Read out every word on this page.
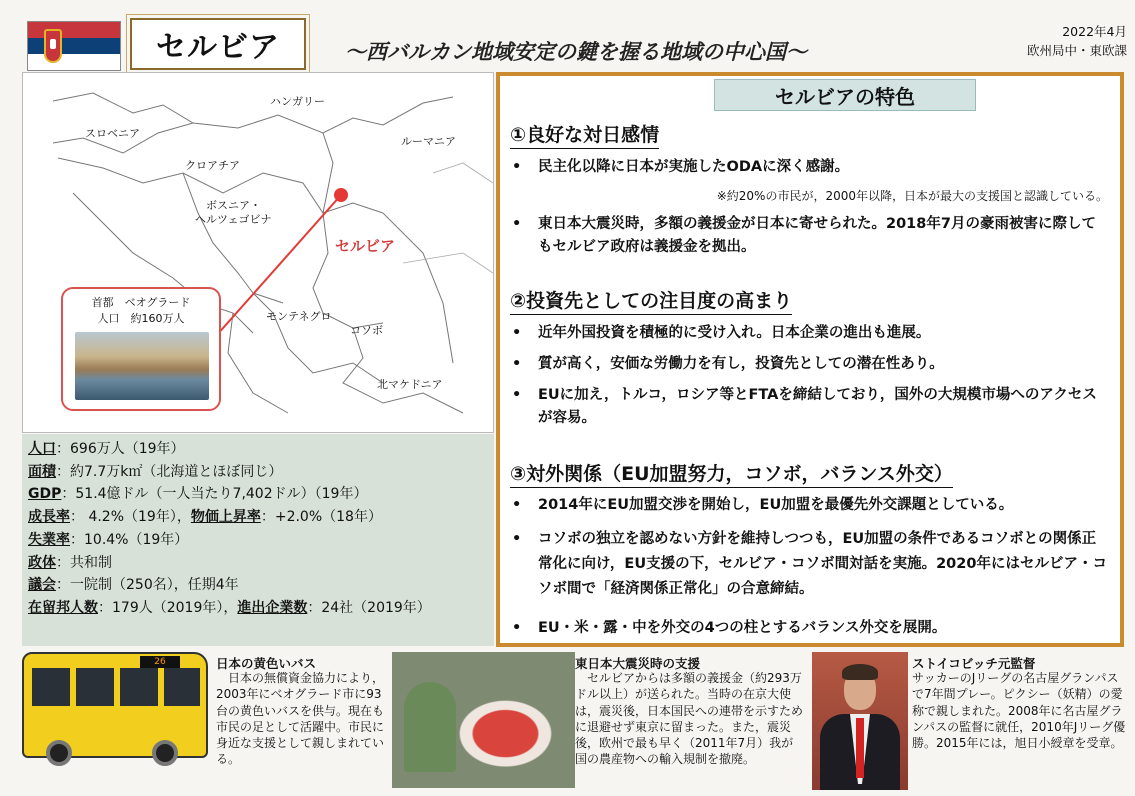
セルビア	～西バルカン地域安定の鍵を握る地域の中心国～
2022年4月
欧州局中・東欧課
ハンガリー
スロベニア
ルーマニア
クロアチア
ボスニア・
ヘルツェゴビナ
セルビア
モンテネグロ
コソボ
北マケドニア
首都　ベオグラード
人口　約160万人
人口：696万人（19年）
面積：約7.7万k㎡（北海道とほぼ同じ）
GDP：51.4億ドル（一人当たり7,402ドル）（19年）
成長率： 4.2%（19年），物価上昇率：+2.0%（18年）
失業率：10.4%（19年）
政体：共和制
議会：一院制（250名），任期4年
在留邦人数：179人（2019年），進出企業数：24社（2019年）
セルビアの特色
①良好な対日感情
• 民主化以降に日本が実施したODAに深く感謝。
※約20%の市民が，2000年以降，日本が最大の支援国と認識している。
• 東日本大震災時，多額の義援金が日本に寄せられた。2018年7月の豪雨被害に際してもセルビア政府は義援金を拠出。
②投資先としての注目度の高まり
• 近年外国投資を積極的に受け入れ。日本企業の進出も進展。
• 質が高く，安価な労働力を有し，投資先としての潜在性あり。
• EUに加え，トルコ，ロシア等とFTAを締結しており，国外の大規模市場へのアクセスが容易。
③対外関係（EU加盟努力，コソボ，バランス外交）
• 2014年にEU加盟交渉を開始し，EU加盟を最優先外交課題としている。
• コソボの独立を認めない方針を維持しつつも，EU加盟の条件であるコソボとの関係正常化に向け，EU支援の下，セルビア・コソボ間対話を実施。2020年にはセルビア・コソボ間で「経済関係正常化」の合意締結。
• EU・米・露・中を外交の4つの柱とするバランス外交を展開。
26	日本の黄色いバス
日本の無償資金協力により，2003年にベオグラード市に93台の黄色いバスを供与。現在も市民の足として活躍中。市民に身近な支援として親しまれている。
東日本大震災時の支援
セルビアからは多額の義援金（約293万ドル以上）が送られた。当時の在京大使は，震災後，日本国民への連帯を示すために退避せず東京に留まった。また，震災後，欧州で最も早く（2011年7月）我が国の農産物への輸入規制を撤廃。
ストイコビッチ元監督
サッカーのJリーグの名古屋グランパスで7年間プレー。ピクシー（妖精）の愛称で親しまれた。2008年に名古屋グランパスの監督に就任，2010年Jリーグ優勝。2015年には，旭日小綬章を受章。
